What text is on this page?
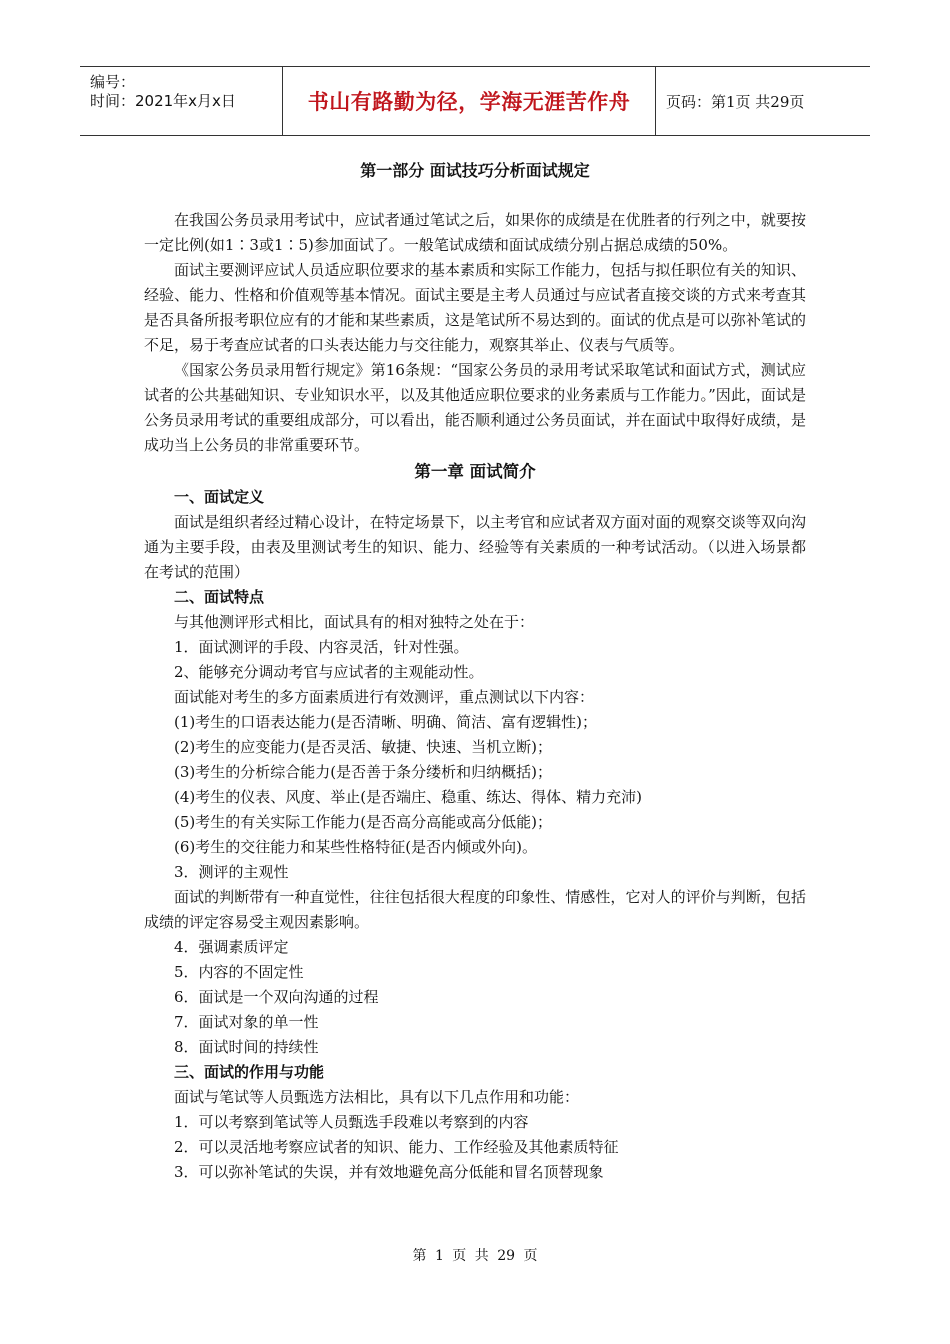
编号：
时间：2021年x月x日	书山有路勤为径，学海无涯苦作舟 页码：第1页 共29页

第一部分 面试技巧分析面试规定

在我国公务员录用考试中，应试者通过笔试之后，如果你的成绩是在优胜者的行列之中，就要按一定比例(如1∶3或1∶5)参加面试了。一般笔试成绩和面试成绩分别占据总成绩的50%。

面试主要测评应试人员适应职位要求的基本素质和实际工作能力，包括与拟任职位有关的知识、经验、能力、性格和价值观等基本情况。面试主要是主考人员通过与应试者直接交谈的方式来考查其是否具备所报考职位应有的才能和某些素质，这是笔试所不易达到的。面试的优点是可以弥补笔试的不足，易于考查应试者的口头表达能力与交往能力，观察其举止、仪表与气质等。

《国家公务员录用暂行规定》第16条规：“国家公务员的录用考试采取笔试和面试方式，测试应试者的公共基础知识、专业知识水平，以及其他适应职位要求的业务素质与工作能力。”因此，面试是公务员录用考试的重要组成部分，可以看出，能否顺利通过公务员面试，并在面试中取得好成绩，是成功当上公务员的非常重要环节。

第一章 面试简介

一、面试定义

面试是组织者经过精心设计，在特定场景下，以主考官和应试者双方面对面的观察交谈等双向沟通为主要手段，由表及里测试考生的知识、能力、经验等有关素质的一种考试活动。（以进入场景都在考试的范围）

二、面试特点

与其他测评形式相比，面试具有的相对独特之处在于：

1．面试测评的手段、内容灵活，针对性强。

2、能够充分调动考官与应试者的主观能动性。

面试能对考生的多方面素质进行有效测评，重点测试以下内容：

(1)考生的口语表达能力(是否清晰、明确、简洁、富有逻辑性)；

(2)考生的应变能力(是否灵活、敏捷、快速、当机立断)；

(3)考生的分析综合能力(是否善于条分缕析和归纳概括)；

(4)考生的仪表、风度、举止(是否端庄、稳重、练达、得体、精力充沛)

(5)考生的有关实际工作能力(是否高分高能或高分低能)；

(6)考生的交往能力和某些性格特征(是否内倾或外向)。

3．测评的主观性

面试的判断带有一种直觉性，往往包括很大程度的印象性、情感性，它对人的评价与判断，包括成绩的评定容易受主观因素影响。

4．强调素质评定

5．内容的不固定性

6．面试是一个双向沟通的过程

7．面试对象的单一性

8．面试时间的持续性

三、面试的作用与功能

面试与笔试等人员甄选方法相比，具有以下几点作用和功能：

1．可以考察到笔试等人员甄选手段难以考察到的内容

2．可以灵活地考察应试者的知识、能力、工作经验及其他素质特征

3．可以弥补笔试的失误，并有效地避免高分低能和冒名顶替现象

第 1 页 共 29 页
